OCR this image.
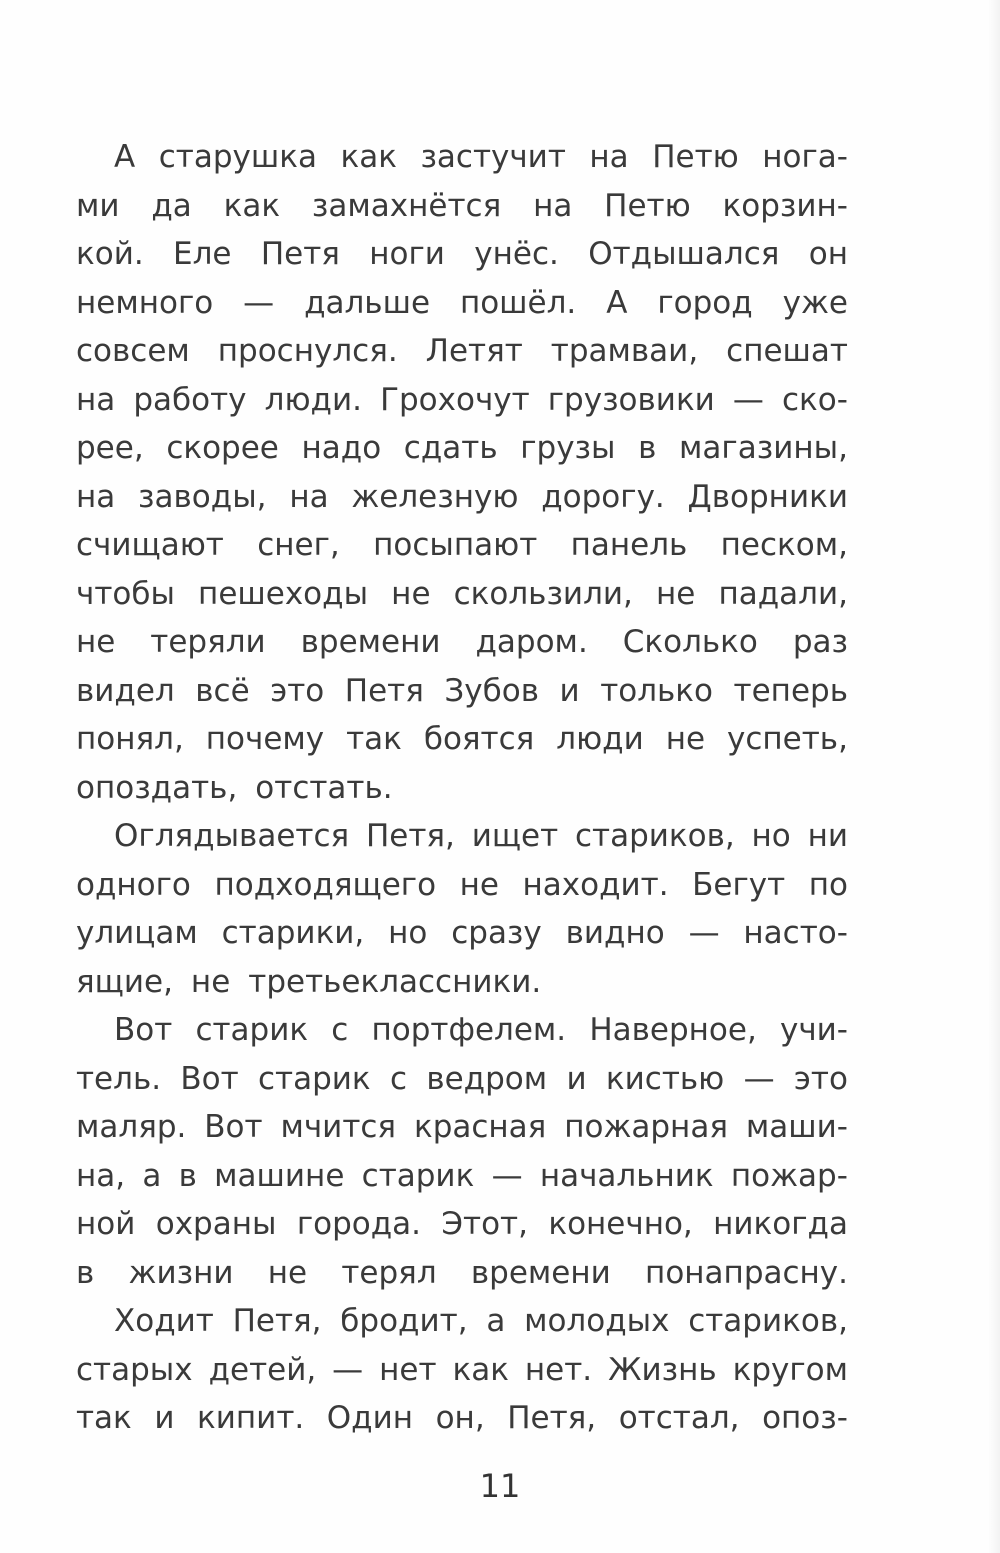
А старушка как застучит на Петю нога-
ми да как замахнётся на Петю корзин-
кой. Еле Петя ноги унёс. Отдышался он
немного — дальше пошёл. А город уже
совсем проснулся. Летят трамваи, спешат
на работу люди. Грохочут грузовики — ско-
рее, скорее надо сдать грузы в магазины,
на заводы, на железную дорогу. Дворники
счищают снег, посыпают панель песком,
чтобы пешеходы не скользили, не падали,
не теряли времени даром. Сколько раз
видел всё это Петя Зубов и только теперь
понял, почему так боятся люди не успеть,
опоздать, отстать.
Оглядывается Петя, ищет стариков, но ни
одного подходящего не находит. Бегут по
улицам старики, но сразу видно — насто-
ящие, не третьеклассники.
Вот старик с портфелем. Наверное, учи-
тель. Вот старик с ведром и кистью — это
маляр. Вот мчится красная пожарная маши-
на, а в машине старик — начальник пожар-
ной охраны города. Этот, конечно, никогда
в жизни не терял времени понапрасну.
Ходит Петя, бродит, а молодых стариков,
старых детей, — нет как нет. Жизнь кругом
так и кипит. Один он, Петя, отстал, опоз-
11
